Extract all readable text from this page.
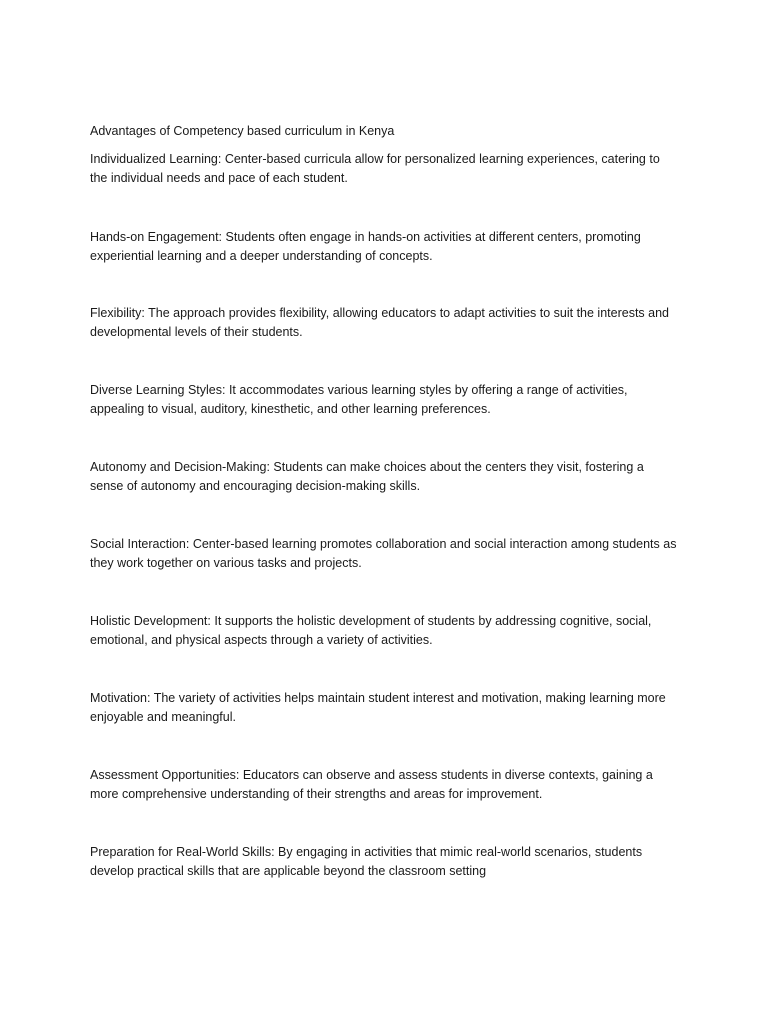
Advantages of Competency based curriculum in Kenya

Individualized Learning: Center-based curricula allow for personalized learning experiences, catering to the individual needs and pace of each student.

Hands-on Engagement: Students often engage in hands-on activities at different centers, promoting experiential learning and a deeper understanding of concepts.

Flexibility: The approach provides flexibility, allowing educators to adapt activities to suit the interests and developmental levels of their students.

Diverse Learning Styles: It accommodates various learning styles by offering a range of activities, appealing to visual, auditory, kinesthetic, and other learning preferences.

Autonomy and Decision-Making: Students can make choices about the centers they visit, fostering a sense of autonomy and encouraging decision-making skills.

Social Interaction: Center-based learning promotes collaboration and social interaction among students as they work together on various tasks and projects.

Holistic Development: It supports the holistic development of students by addressing cognitive, social, emotional, and physical aspects through a variety of activities.

Motivation: The variety of activities helps maintain student interest and motivation, making learning more enjoyable and meaningful.

Assessment Opportunities: Educators can observe and assess students in diverse contexts, gaining a more comprehensive understanding of their strengths and areas for improvement.

Preparation for Real-World Skills: By engaging in activities that mimic real-world scenarios, students develop practical skills that are applicable beyond the classroom setting
